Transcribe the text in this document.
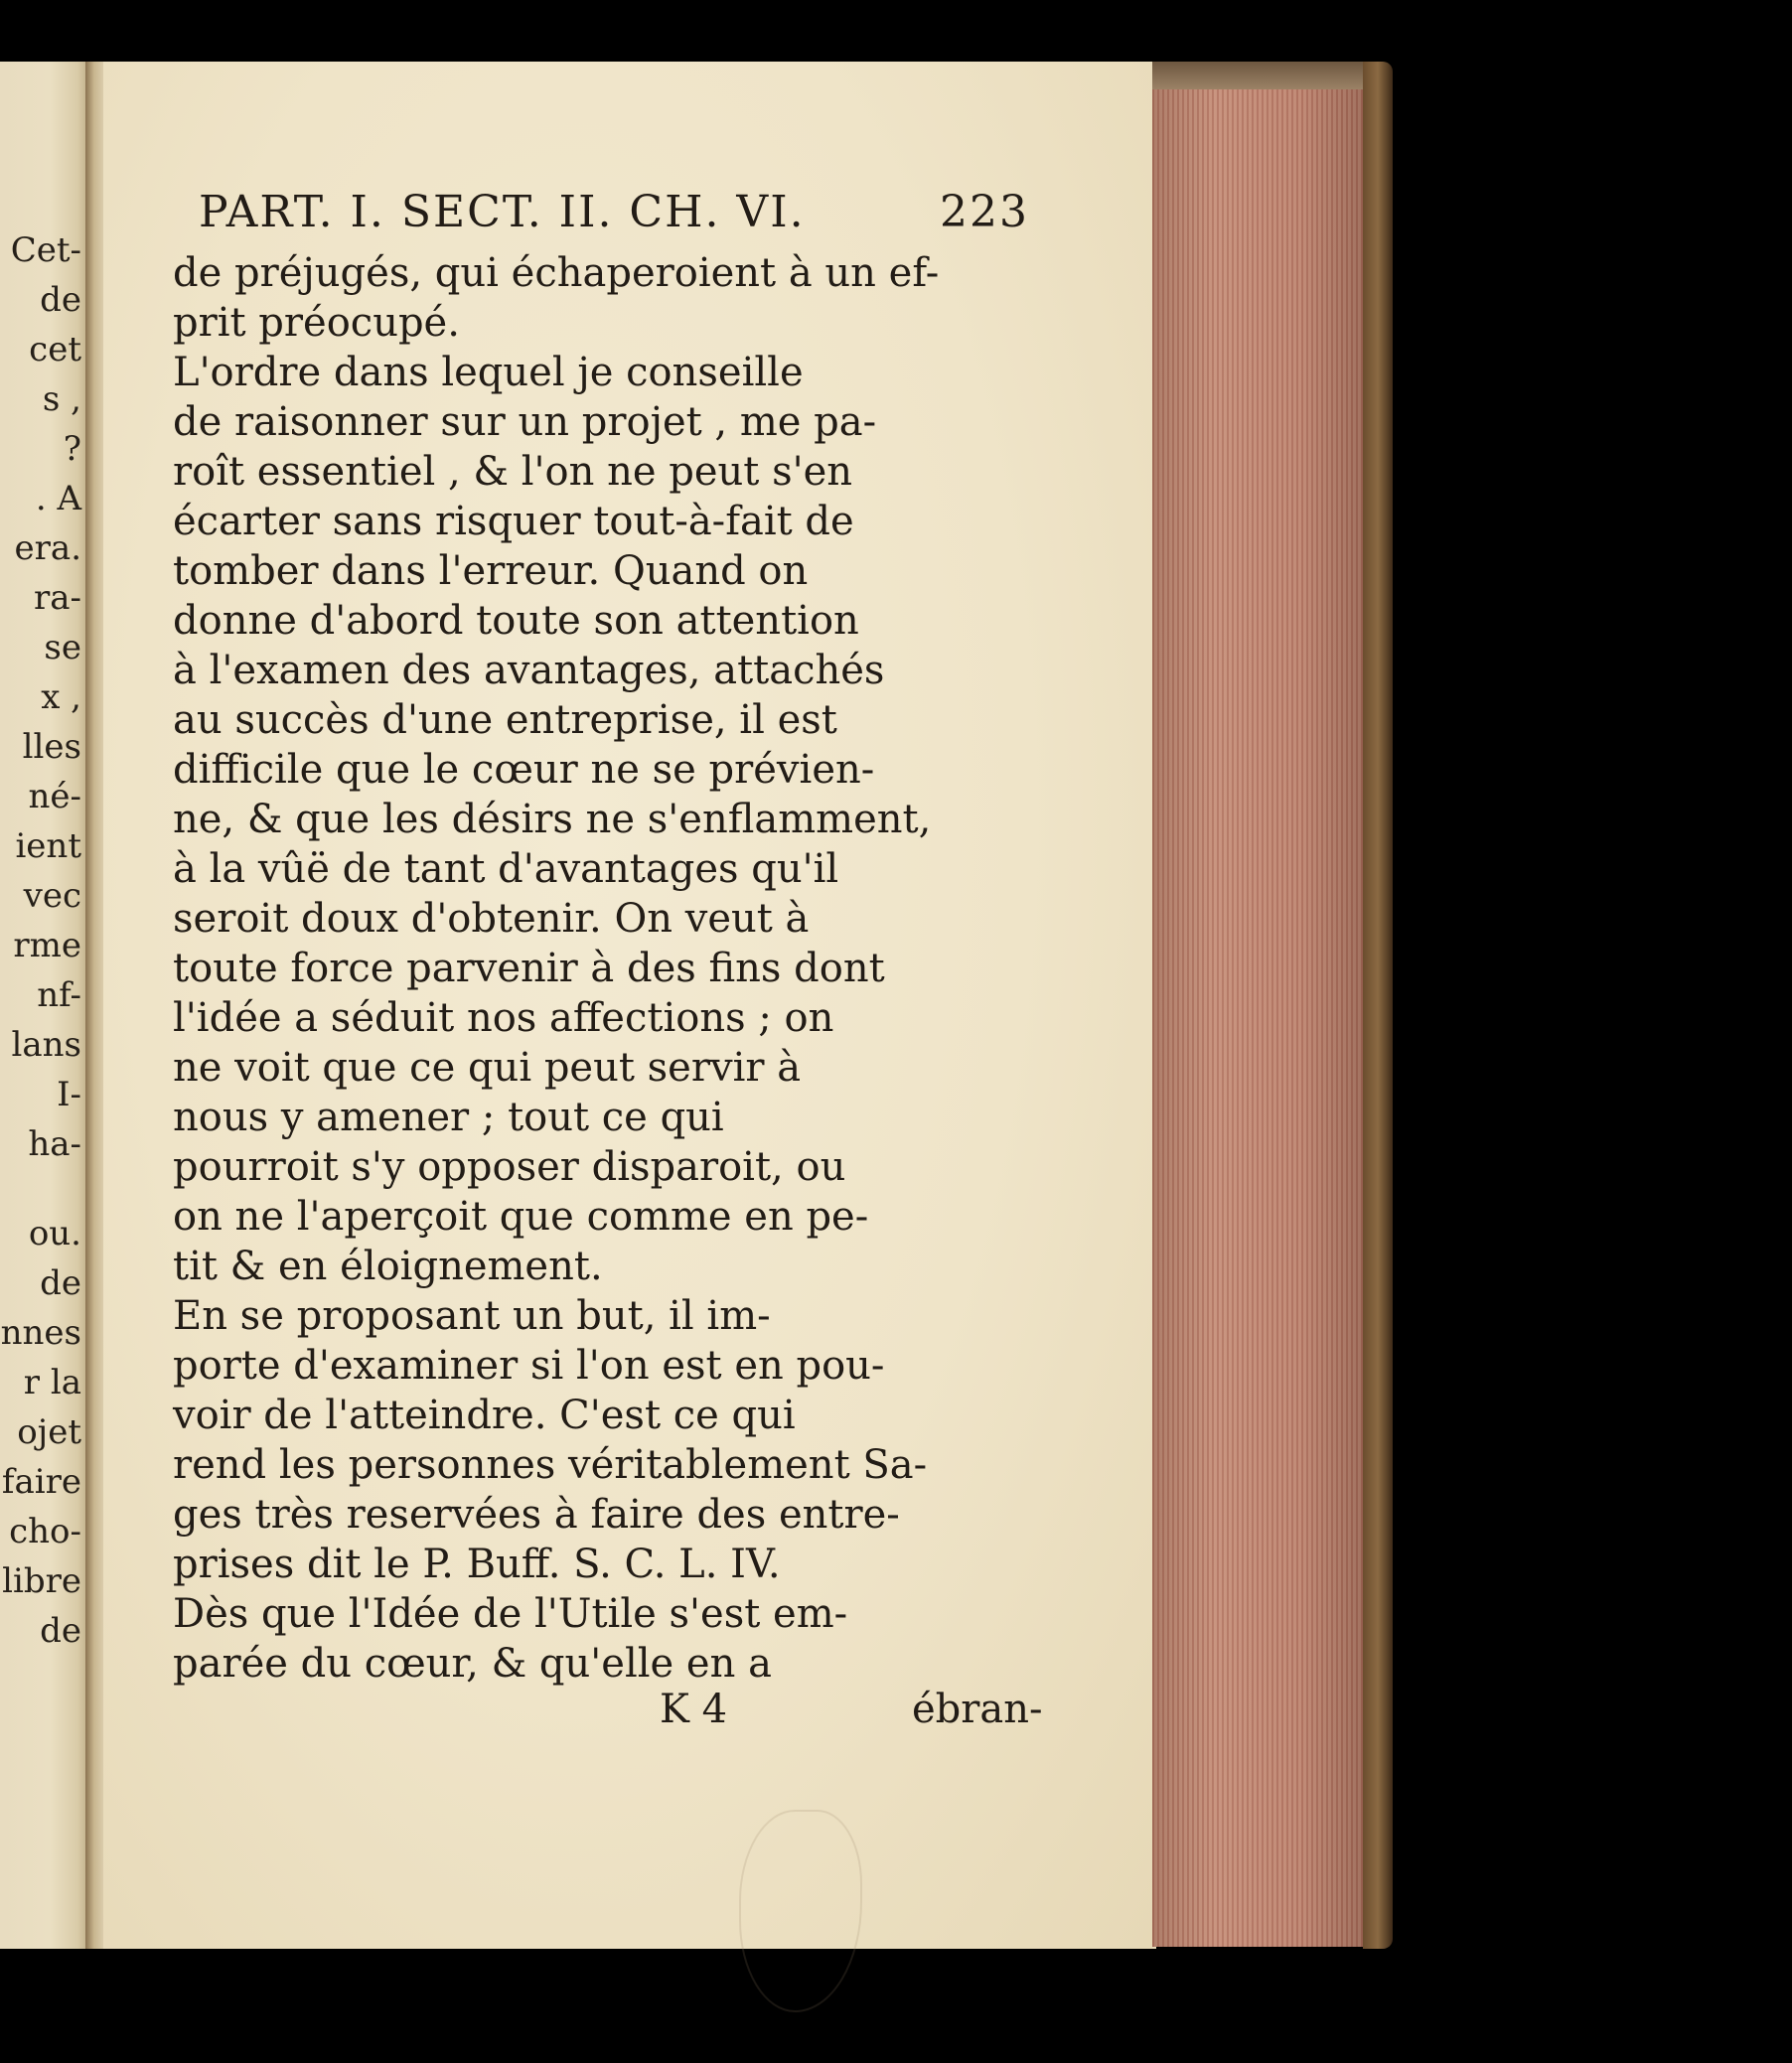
Cet-
de
cet
s ,
?
. A
era.
ra-
se
x ,
lles
né-
ient
vec
rme
nf-
lans
I-
ha-
ou.
de
nnes
r la
ojet
faire
cho-
libre
de
PART. I. SECT. II. CH. VI.	223
de préjugés, qui échaperoient à un ef-
prit préocupé.
L'ordre dans lequel je conseille
de raisonner sur un projet , me pa-
roît essentiel , & l'on ne peut s'en
écarter sans risquer tout-à-fait de
tomber dans l'erreur. Quand on
donne d'abord toute son attention
à l'examen des avantages, attachés
au succès d'une entreprise, il est
difficile que le cœur ne se prévien-
ne, & que les désirs ne s'enflamment,
à la vûë de tant d'avantages qu'il
seroit doux d'obtenir. On veut à
toute force parvenir à des fins dont
l'idée a séduit nos affections ; on
ne voit que ce qui peut servir à
nous y amener ; tout ce qui
pourroit s'y opposer disparoit, ou
on ne l'aperçoit que comme en pe-
tit & en éloignement.
En se proposant un but, il im-
porte d'examiner si l'on est en pou-
voir de l'atteindre. C'est ce qui
rend les personnes véritablement Sa-
ges très reservées à faire des entre-
prises dit le P. Buff. S. C. L. IV.
Dès que l'Idée de l'Utile s'est em-
parée du cœur, & qu'elle en a
K 4	ébran-
